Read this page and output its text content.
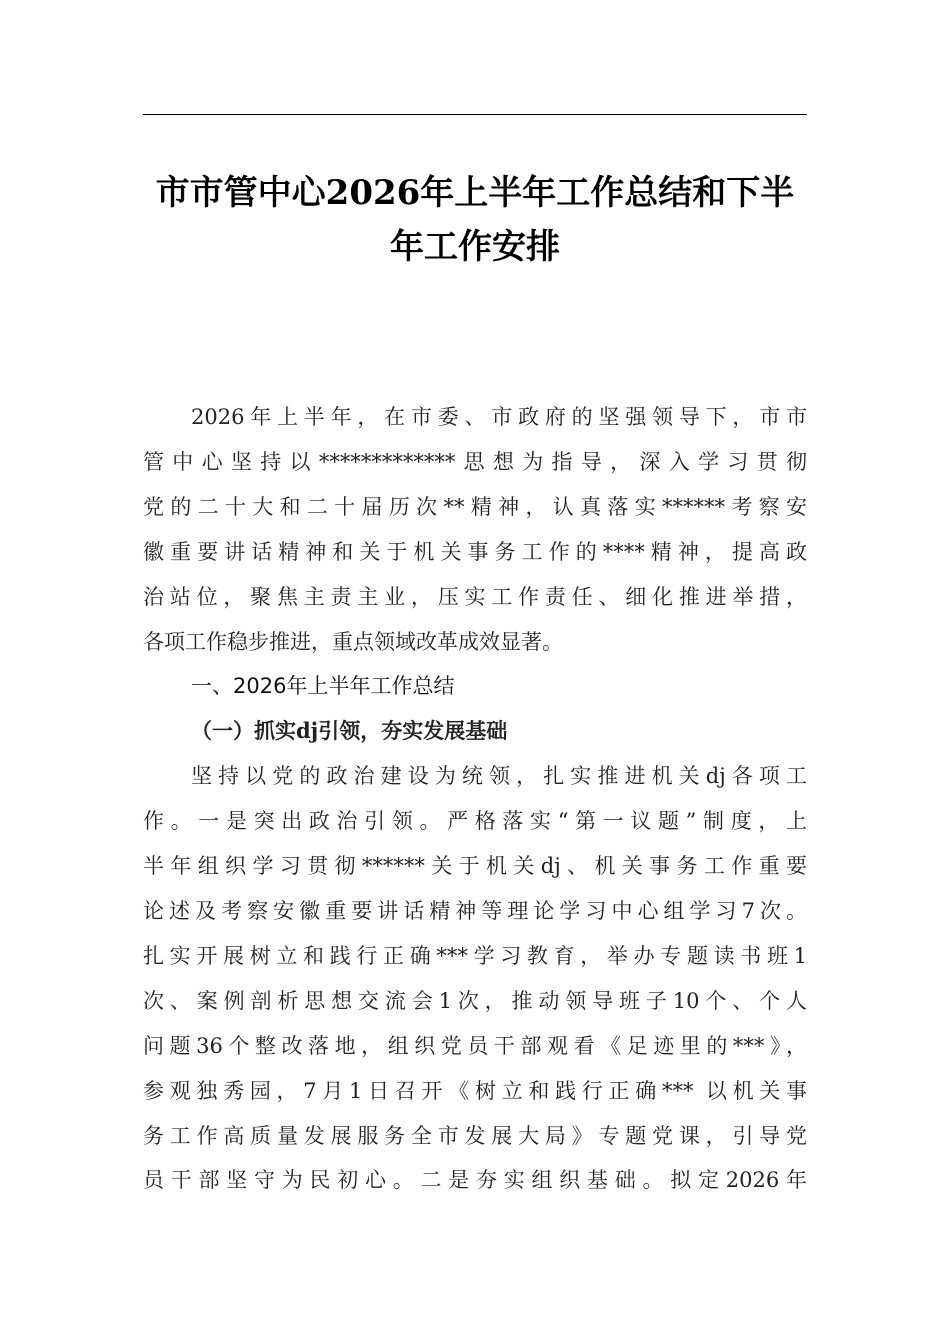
市市管中心2026年上半年工作总结和下半
年工作安排
2026年上半年，在市委、市政府的坚强领导下，市市
管中心坚持以*************思想为指导，深入学习贯彻
党的二十大和二十届历次**精神，认真落实******考察安
徽重要讲话精神和关于机关事务工作的****精神，提高政
治站位，聚焦主责主业，压实工作责任、细化推进举措，
各项工作稳步推进，重点领域改革成效显著。
一、2026年上半年工作总结
（一）抓实dj引领，夯实发展基础
坚持以党的政治建设为统领，扎实推进机关dj各项工
作。一是突出政治引领。严格落实“第一议题”制度，上
半年组织学习贯彻******关于机关dj、机关事务工作重要
论述及考察安徽重要讲话精神等理论学习中心组学习7次。
扎实开展树立和践行正确***学习教育，举办专题读书班1
次、案例剖析思想交流会1次，推动领导班子10个、个人
问题36个整改落地，组织党员干部观看《足迹里的***》，
参观独秀园，7月1日召开《树立和践行正确*** 以机关事
务工作高质量发展服务全市发展大局》专题党课，引导党
员干部坚守为民初心。二是夯实组织基础。拟定2026年
